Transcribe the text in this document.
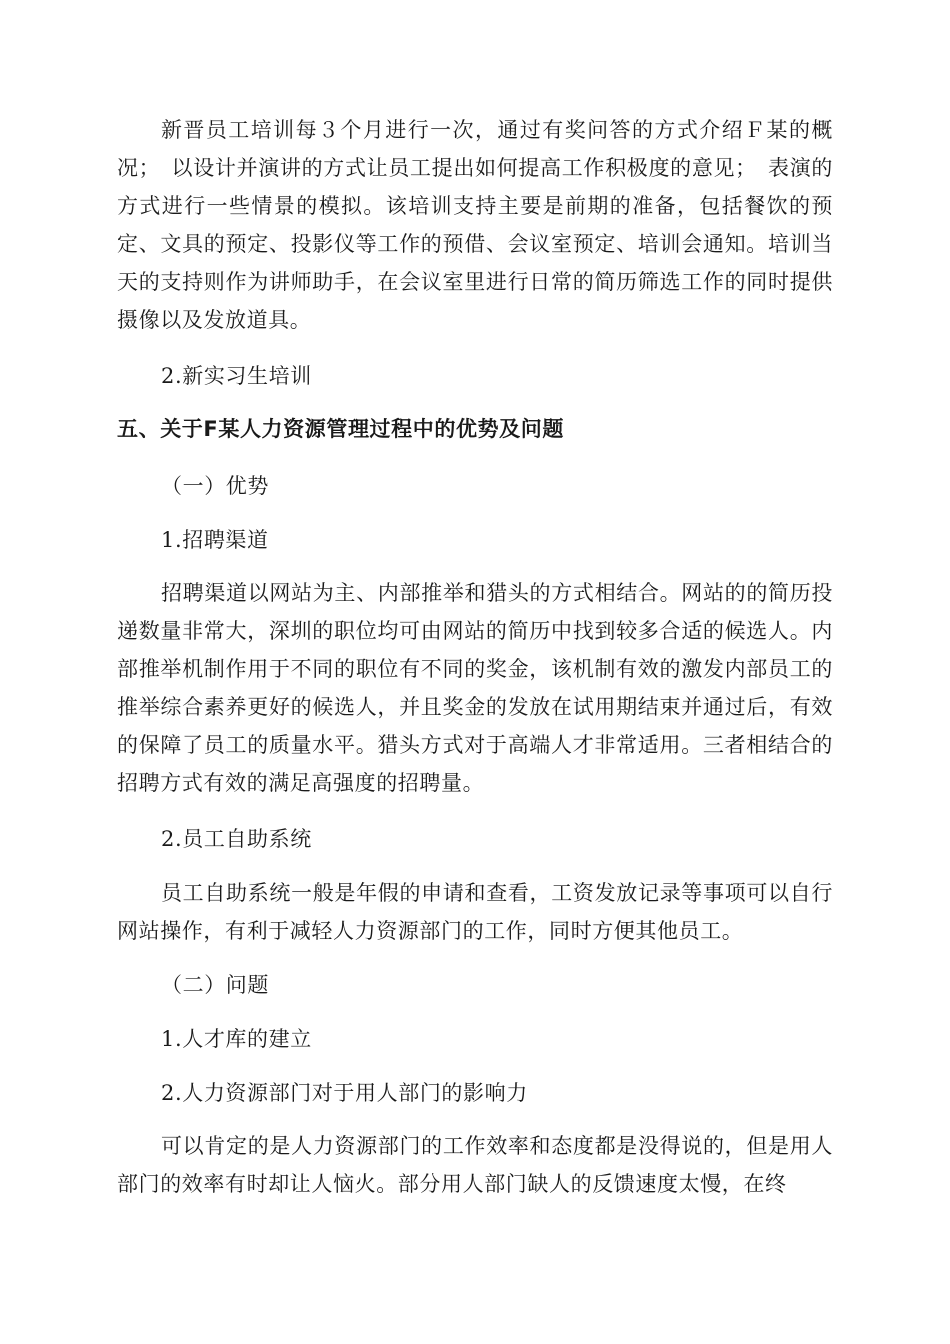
新晋员工培训每３个月进行一次，通过有奖问答的方式介绍Ｆ某的概况；　以设计并演讲的方式让员工提出如何提高工作积极度的意见；　表演的方式进行一些情景的模拟。该培训支持主要是前期的准备，包括餐饮的预定、文具的预定、投影仪等工作的预借、会议室预定、培训会通知。培训当天的支持则作为讲师助手，在会议室里进行日常的简历筛选工作的同时提供摄像以及发放道具。

2.新实习生培训

五、关于F某人力资源管理过程中的优势及问题

（一）优势

1.招聘渠道

招聘渠道以网站为主、内部推举和猎头的方式相结合。网站的的简历投递数量非常大，深圳的职位均可由网站的简历中找到较多合适的候选人。内部推举机制作用于不同的职位有不同的奖金，该机制有效的激发内部员工的推举综合素养更好的候选人，并且奖金的发放在试用期结束并通过后，有效的保障了员工的质量水平。猎头方式对于高端人才非常适用。三者相结合的招聘方式有效的满足高强度的招聘量。

2.员工自助系统

员工自助系统一般是年假的申请和查看，工资发放记录等事项可以自行网站操作，有利于减轻人力资源部门的工作，同时方便其他员工。

（二）问题

1.人才库的建立

2.人力资源部门对于用人部门的影响力

可以肯定的是人力资源部门的工作效率和态度都是没得说的，但是用人部门的效率有时却让人恼火。部分用人部门缺人的反馈速度太慢，在终
